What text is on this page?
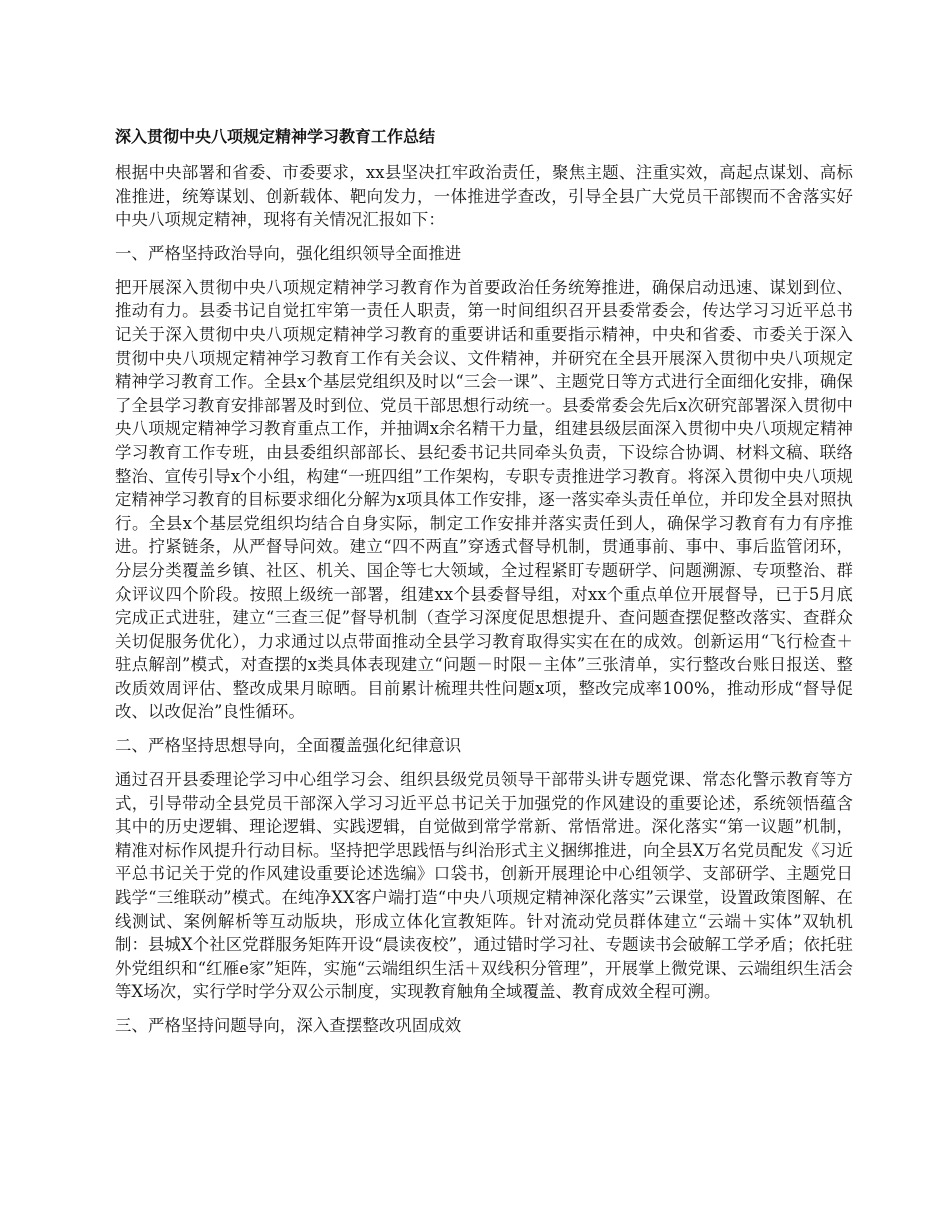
深入贯彻中央八项规定精神学习教育工作总结

根据中央部署和省委、市委要求，xx县坚决扛牢政治责任，聚焦主题、注重实效，高起点谋划、高标准推进，统筹谋划、创新载体、靶向发力，一体推进学查改，引导全县广大党员干部锲而不舍落实好中央八项规定精神，现将有关情况汇报如下：

一、严格坚持政治导向，强化组织领导全面推进

把开展深入贯彻中央八项规定精神学习教育作为首要政治任务统筹推进，确保启动迅速、谋划到位、推动有力。县委书记自觉扛牢第一责任人职责，第一时间组织召开县委常委会，传达学习习近平总书记关于深入贯彻中央八项规定精神学习教育的重要讲话和重要指示精神，中央和省委、市委关于深入贯彻中央八项规定精神学习教育工作有关会议、文件精神，并研究在全县开展深入贯彻中央八项规定精神学习教育工作。全县x个基层党组织及时以“三会一课”、主题党日等方式进行全面细化安排，确保了全县学习教育安排部署及时到位、党员干部思想行动统一。县委常委会先后x次研究部署深入贯彻中央八项规定精神学习教育重点工作，并抽调x余名精干力量，组建县级层面深入贯彻中央八项规定精神学习教育工作专班，由县委组织部部长、县纪委书记共同牵头负责，下设综合协调、材料文稿、联络整治、宣传引导x个小组，构建“一班四组”工作架构，专职专责推进学习教育。将深入贯彻中央八项规定精神学习教育的目标要求细化分解为x项具体工作安排，逐一落实牵头责任单位，并印发全县对照执行。全县x个基层党组织均结合自身实际，制定工作安排并落实责任到人，确保学习教育有力有序推进。拧紧链条，从严督导问效。建立“四不两直”穿透式督导机制，贯通事前、事中、事后监管闭环，分层分类覆盖乡镇、社区、机关、国企等七大领域，全过程紧盯专题研学、问题溯源、专项整治、群众评议四个阶段。按照上级统一部署，组建xx个县委督导组，对xx个重点单位开展督导，已于5月底完成正式进驻，建立“三查三促”督导机制（查学习深度促思想提升、查问题查摆促整改落实、查群众关切促服务优化），力求通过以点带面推动全县学习教育取得实实在在的成效。创新运用“飞行检查＋驻点解剖”模式，对查摆的x类具体表现建立“问题－时限－主体”三张清单，实行整改台账日报送、整改质效周评估、整改成果月晾晒。目前累计梳理共性问题x项，整改完成率100%，推动形成“督导促改、以改促治”良性循环。

二、严格坚持思想导向，全面覆盖强化纪律意识

通过召开县委理论学习中心组学习会、组织县级党员领导干部带头讲专题党课、常态化警示教育等方式，引导带动全县党员干部深入学习习近平总书记关于加强党的作风建设的重要论述，系统领悟蕴含其中的历史逻辑、理论逻辑、实践逻辑，自觉做到常学常新、常悟常进。深化落实“第一议题”机制，精准对标作风提升行动目标。坚持把学思践悟与纠治形式主义捆绑推进，向全县X万名党员配发《习近平总书记关于党的作风建设重要论述选编》口袋书，创新开展理论中心组领学、支部研学、主题党日践学“三维联动”模式。在纯净XX客户端打造“中央八项规定精神深化落实”云课堂，设置政策图解、在线测试、案例解析等互动版块，形成立体化宣教矩阵。针对流动党员群体建立“云端＋实体”双轨机制：县城X个社区党群服务矩阵开设“晨读夜校”，通过错时学习社、专题读书会破解工学矛盾；依托驻外党组织和“红雁e家”矩阵，实施“云端组织生活＋双线积分管理”，开展掌上微党课、云端组织生活会等X场次，实行学时学分双公示制度，实现教育触角全域覆盖、教育成效全程可溯。

三、严格坚持问题导向，深入查摆整改巩固成效
